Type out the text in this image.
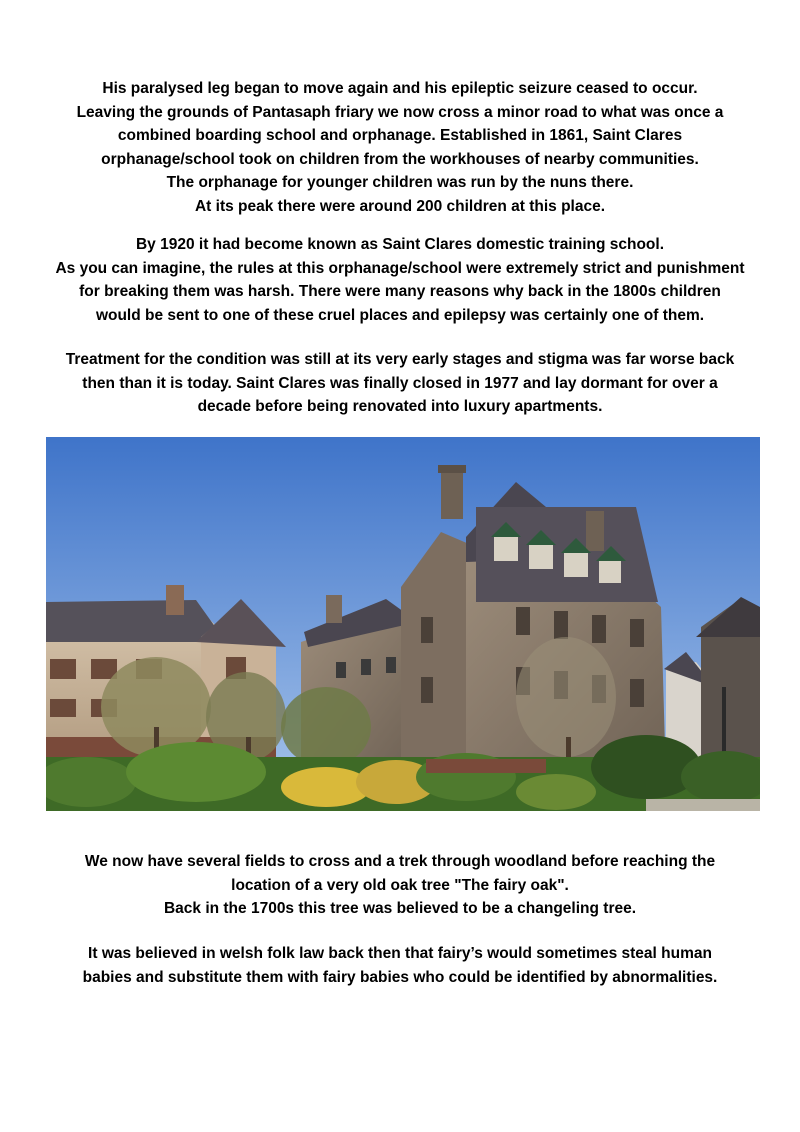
His paralysed leg began to move again and his epileptic seizure ceased to occur.
Leaving the grounds of Pantasaph friary we now cross a minor road to what was once a
combined boarding school and orphanage. Established in 1861, Saint Clares
orphanage/school took on children from the workhouses of nearby communities.
The orphanage for younger children was run by the nuns there.
At its peak there were around 200 children at this place.
By 1920 it had become known as Saint Clares domestic training school.
As you can imagine, the rules at this orphanage/school were extremely strict and punishment
for breaking them was harsh. There were many reasons why back in the 1800s children
would be sent to one of these cruel places and epilepsy was certainly one of them.
Treatment for the condition was still at its very early stages and stigma was far worse back
then than it is today. Saint Clares was finally closed in 1977 and lay dormant for over a
decade before being renovated into luxury apartments.
We now have several fields to cross and a trek through woodland before reaching the
location of a very old oak tree "The fairy oak".
Back in the 1700s this tree was believed to be a changeling tree.
It was believed in welsh folk law back then that fairy’s would sometimes steal human
babies and substitute them with fairy babies who could be identified by abnormalities.
